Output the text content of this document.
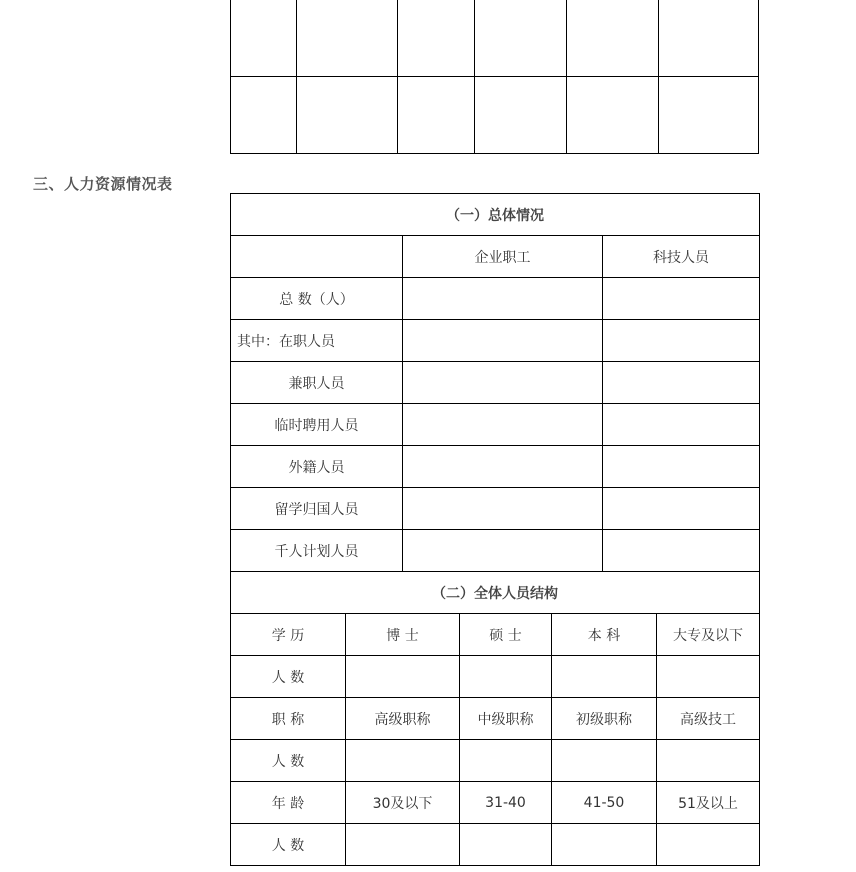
三、人力资源情况表
（一）总体情况						
		企业职工			科技人员	
总 数（人）						
其中：在职人员						
兼职人员						
临时聘用人员						
外籍人员						
留学归国人员						
千人计划人员						
（二）全体人员结构						
学 历	博 士		硕 士	本 科		大专及以下
人 数						
职 称	高级职称		中级职称	初级职称		高级技工
人 数						
年 龄	30及以下		31-40	41-50		51及以上
人 数						
